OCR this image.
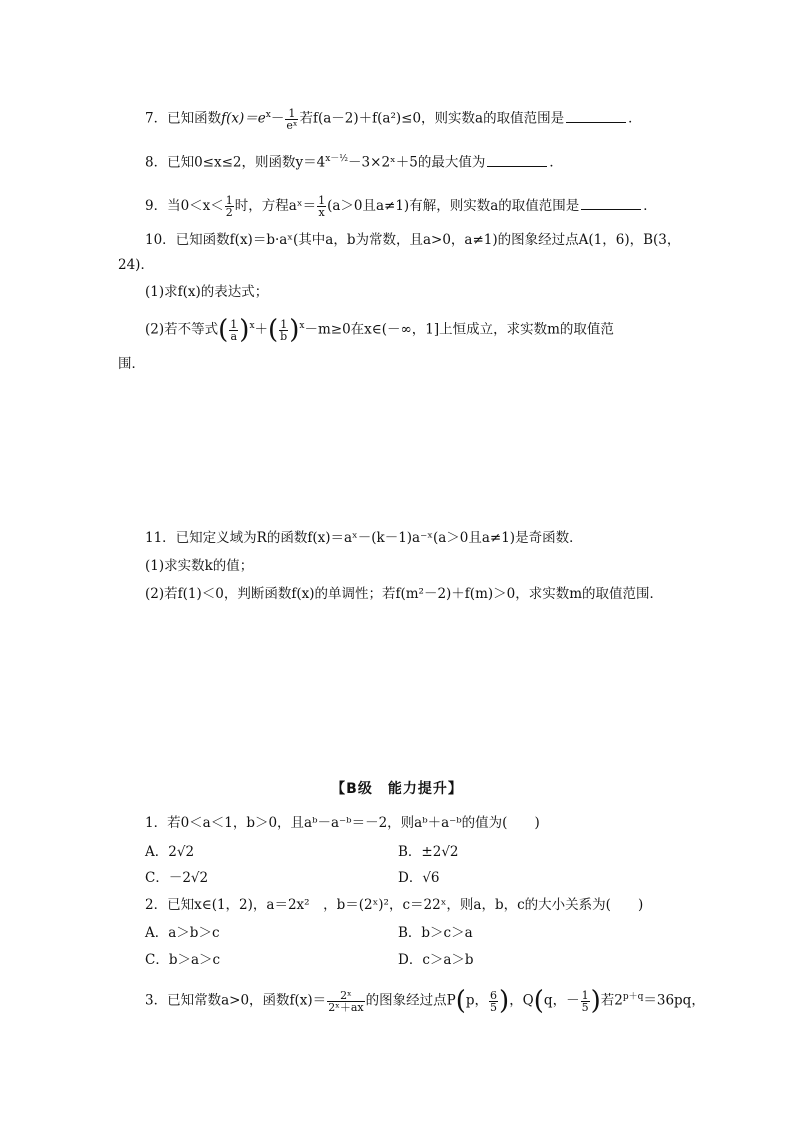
7．已知函数$f(x)=e^x- \frac{1}{\text{eˣ}}$ 若f(a－2)＋f(a²)≤0，则实数a的取值范围是	．
8．已知0≤x≤2，则函数$y=4^{x-\frac{1}{2}}-3\times 2ˣ+5$的最大值为	．
9．当$0<x< \frac{1}{2}$ 时，方程aˣ＝ $\frac{1}{x} (a>0$且a≠1)有解，则实数a的取值范围是	．
10．已知函数f(x)＝b·aˣ(其中a，b为常数，且a>0，a≠1)的图象经过点A(1，6)，B(3，
24)．
(1)求f(x)的表达式；
(2)若不等式( $\frac{1}{a} )^x+( \frac{1}{b} )^x-m\ge 0$在x∈(－∞，1]上恒成立，求实数m的取值范
围．
11．已知定义域为R的函数f(x)＝aˣ－(k－1)a⁻ˣ(a＞0且a≠1)是奇函数．
(1)求实数k的值；
(2)若f(1)＜0，判断函数f(x)的单调性；若f(m²－2)＋f(m)＞0，求实数m的取值范围．
【B级　能力提升】
1．若0＜a＜1，b＞0，且aᵇ－a⁻ᵇ＝－2，则aᵇ＋a⁻ᵇ的值为(　　)
A．2√2	B．±2√2
C．－2√2	D．√6
2．已知x∈(1，2)，a＝2x²　，b＝(2ˣ)²，c＝22ˣ，则a，b，c的大小关系为(　　)
A．a＞b＞c	B．b＞c＞a
C．b＞a＞c	D．c＞a＞b
3．已知常数a>0，函数$f(x)= \frac{\text{2ˣ}}{\text{2ˣ＋ax}}$ 的图象经过点P(p， $\frac{6}{5}$ )，Q(q，－ $\frac{1}{5}$ )若$2^{p+q}=36pq$，
